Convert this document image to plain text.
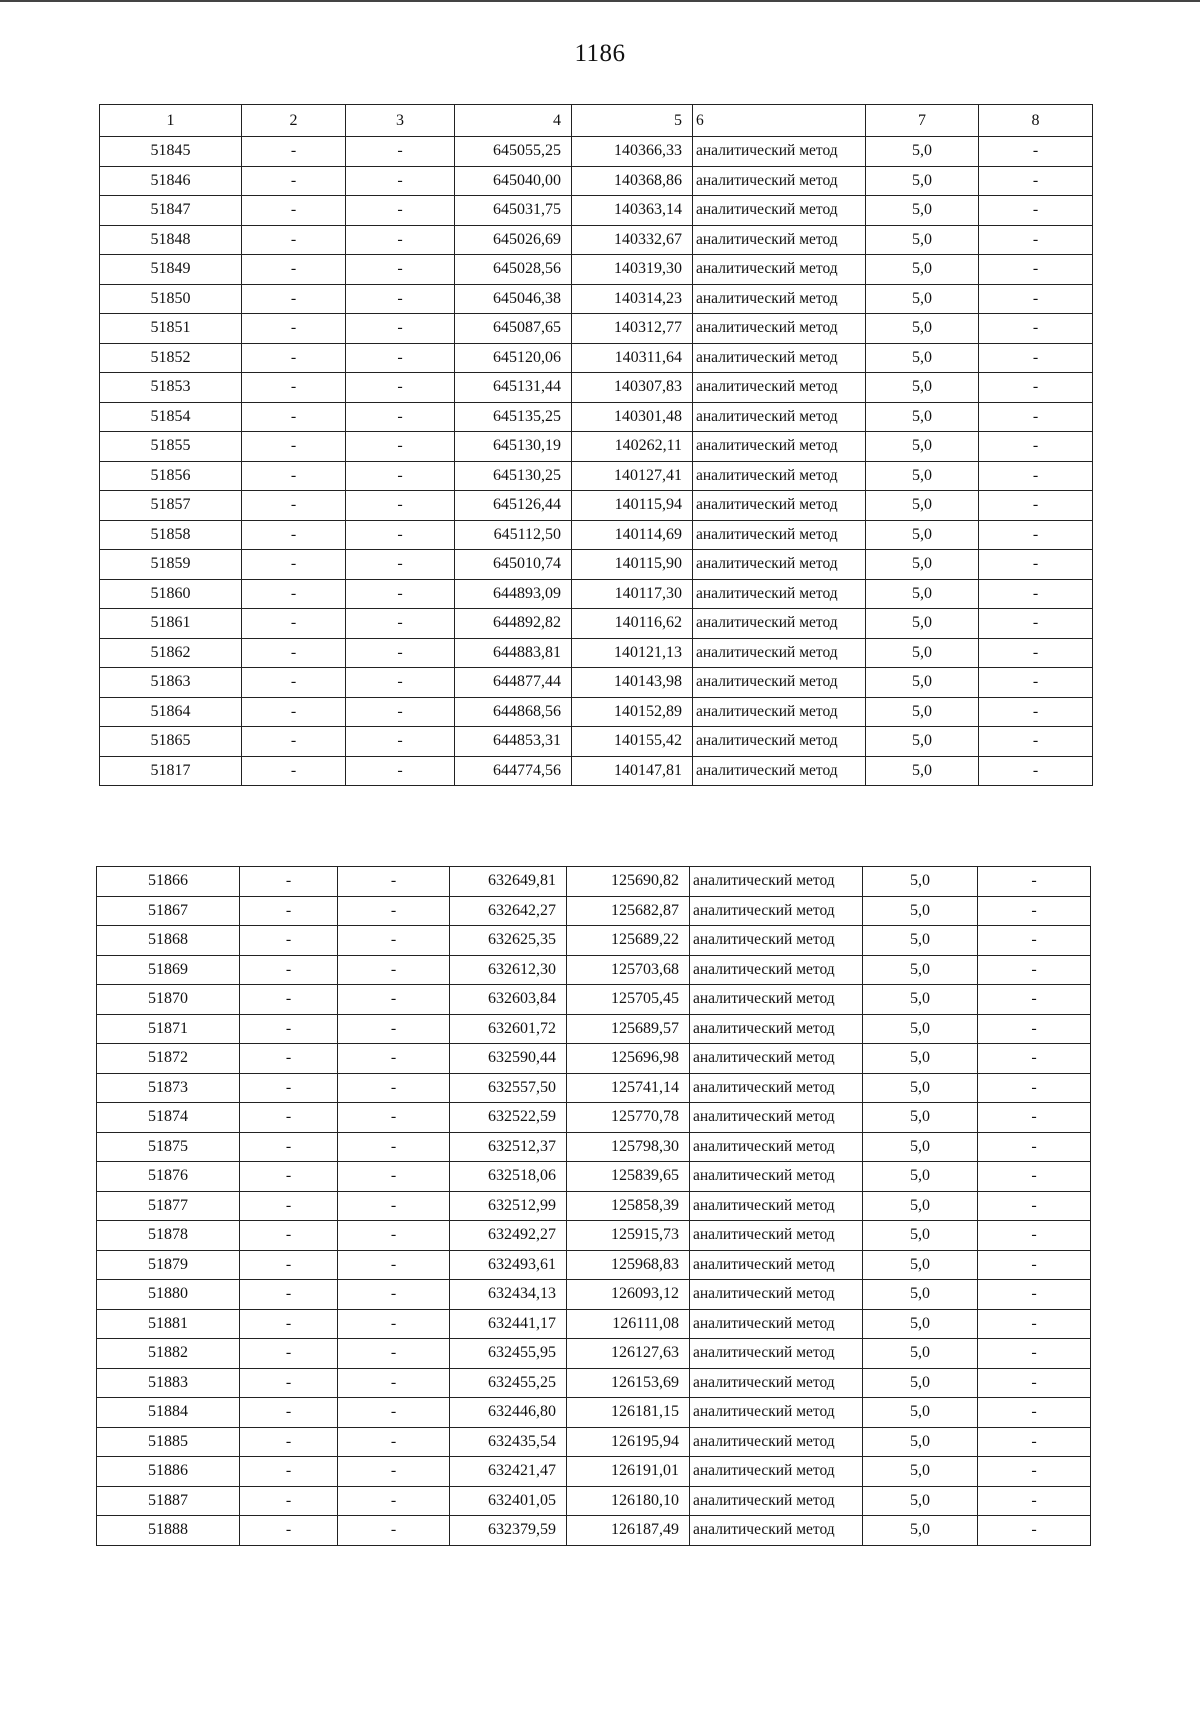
1186
1	2	3	4	5	6	7	8
51845	-	-	645055,25	140366,33	аналитический метод	5,0	-
51846	-	-	645040,00	140368,86	аналитический метод	5,0	-
51847	-	-	645031,75	140363,14	аналитический метод	5,0	-
51848	-	-	645026,69	140332,67	аналитический метод	5,0	-
51849	-	-	645028,56	140319,30	аналитический метод	5,0	-
51850	-	-	645046,38	140314,23	аналитический метод	5,0	-
51851	-	-	645087,65	140312,77	аналитический метод	5,0	-
51852	-	-	645120,06	140311,64	аналитический метод	5,0	-
51853	-	-	645131,44	140307,83	аналитический метод	5,0	-
51854	-	-	645135,25	140301,48	аналитический метод	5,0	-
51855	-	-	645130,19	140262,11	аналитический метод	5,0	-
51856	-	-	645130,25	140127,41	аналитический метод	5,0	-
51857	-	-	645126,44	140115,94	аналитический метод	5,0	-
51858	-	-	645112,50	140114,69	аналитический метод	5,0	-
51859	-	-	645010,74	140115,90	аналитический метод	5,0	-
51860	-	-	644893,09	140117,30	аналитический метод	5,0	-
51861	-	-	644892,82	140116,62	аналитический метод	5,0	-
51862	-	-	644883,81	140121,13	аналитический метод	5,0	-
51863	-	-	644877,44	140143,98	аналитический метод	5,0	-
51864	-	-	644868,56	140152,89	аналитический метод	5,0	-
51865	-	-	644853,31	140155,42	аналитический метод	5,0	-
51817	-	-	644774,56	140147,81	аналитический метод	5,0	-
51866	-	-	632649,81	125690,82	аналитический метод	5,0	-
51867	-	-	632642,27	125682,87	аналитический метод	5,0	-
51868	-	-	632625,35	125689,22	аналитический метод	5,0	-
51869	-	-	632612,30	125703,68	аналитический метод	5,0	-
51870	-	-	632603,84	125705,45	аналитический метод	5,0	-
51871	-	-	632601,72	125689,57	аналитический метод	5,0	-
51872	-	-	632590,44	125696,98	аналитический метод	5,0	-
51873	-	-	632557,50	125741,14	аналитический метод	5,0	-
51874	-	-	632522,59	125770,78	аналитический метод	5,0	-
51875	-	-	632512,37	125798,30	аналитический метод	5,0	-
51876	-	-	632518,06	125839,65	аналитический метод	5,0	-
51877	-	-	632512,99	125858,39	аналитический метод	5,0	-
51878	-	-	632492,27	125915,73	аналитический метод	5,0	-
51879	-	-	632493,61	125968,83	аналитический метод	5,0	-
51880	-	-	632434,13	126093,12	аналитический метод	5,0	-
51881	-	-	632441,17	126111,08	аналитический метод	5,0	-
51882	-	-	632455,95	126127,63	аналитический метод	5,0	-
51883	-	-	632455,25	126153,69	аналитический метод	5,0	-
51884	-	-	632446,80	126181,15	аналитический метод	5,0	-
51885	-	-	632435,54	126195,94	аналитический метод	5,0	-
51886	-	-	632421,47	126191,01	аналитический метод	5,0	-
51887	-	-	632401,05	126180,10	аналитический метод	5,0	-
51888	-	-	632379,59	126187,49	аналитический метод	5,0	-
